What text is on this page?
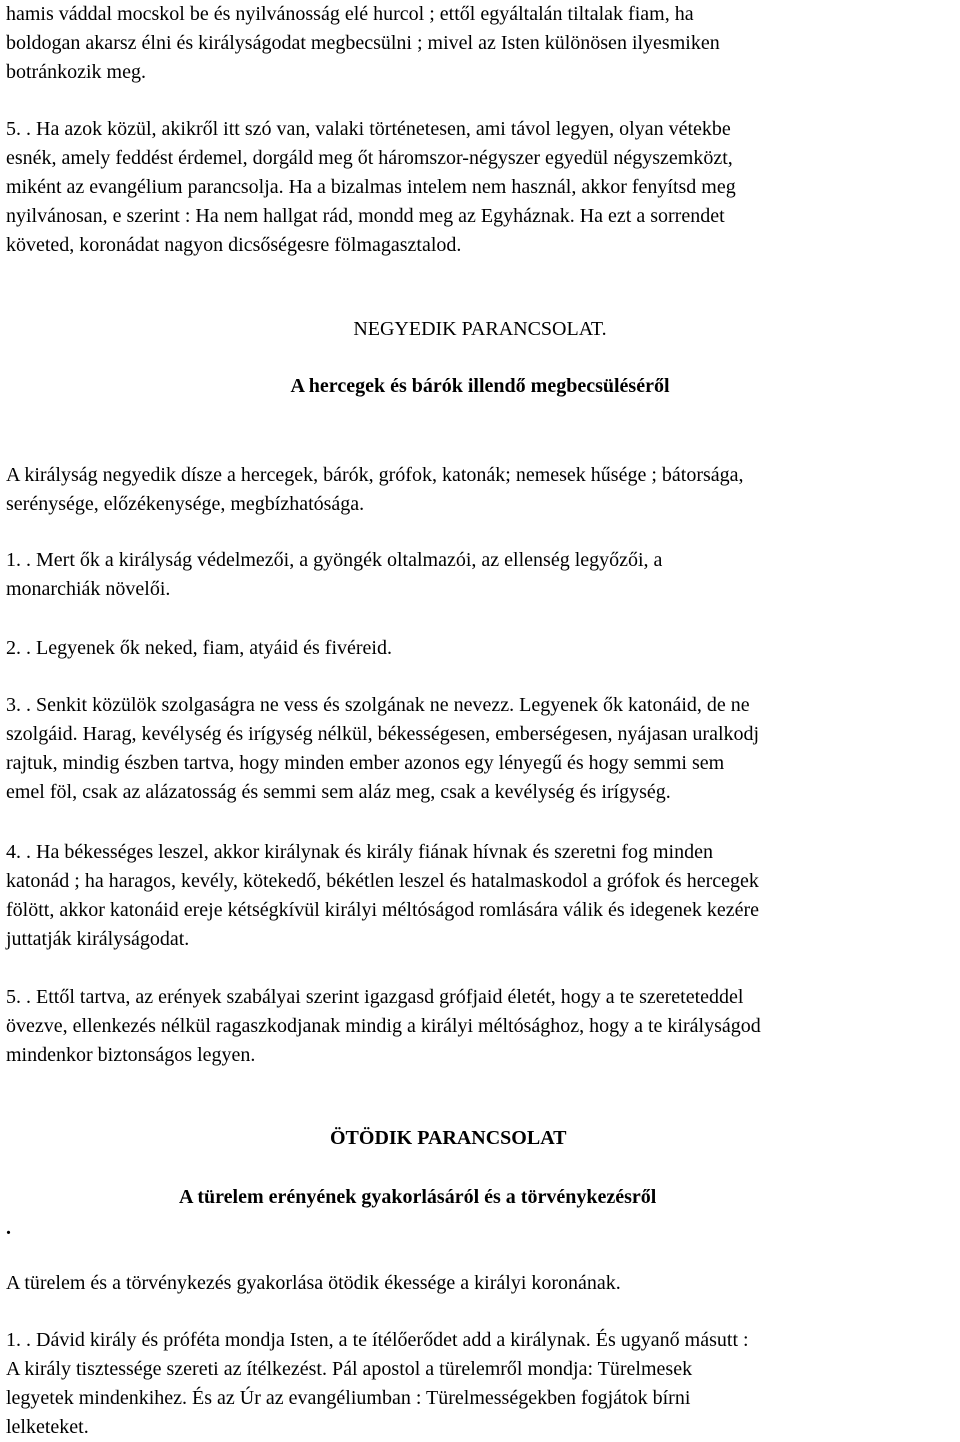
hamis váddal mocskol be és nyilvánosság elé hurcol ; ettől egyáltalán tiltalak fiam, ha
boldogan akarsz élni és királyságodat megbecsülni ; mivel az Isten különösen ilyesmiken
botránkozik meg.
5. . Ha azok közül, akikről itt szó van, valaki történetesen, ami távol legyen, olyan vétekbe
esnék, amely feddést érdemel, dorgáld meg őt háromszor-négyszer egyedül négyszemközt,
miként az evangélium parancsolja. Ha a bizalmas intelem nem használ, akkor fenyítsd meg
nyilvánosan, e szerint : Ha nem hallgat rád, mondd meg az Egyháznak. Ha ezt a sorrendet
követed, koronádat nagyon dicsőségesre fölmagasztalod.
NEGYEDIK PARANCSOLAT.
A hercegek és bárók illendő megbecsüléséről
A királyság negyedik dísze a hercegek, bárók, grófok, katonák; nemesek hűsége ; bátorsága,
serénysége, előzékenysége, megbízhatósága.
1. . Mert ők a királyság védelmezői, a gyöngék oltalmazói, az ellenség legyőzői, a
monarchiák növelői.
2. . Legyenek ők neked, fiam, atyáid és fivéreid.
3. . Senkit közülök szolgaságra ne vess és szolgának ne nevezz. Legyenek ők katonáid, de ne
szolgáid. Harag, kevélység és irígység nélkül, békességesen, emberségesen, nyájasan uralkodj
rajtuk, mindig észben tartva, hogy minden ember azonos egy lényegű és hogy semmi sem
emel föl, csak az alázatosság és semmi sem aláz meg, csak a kevélység és irígység.
4. . Ha békességes leszel, akkor királynak és király fiának hívnak és szeretni fog minden
katonád ; ha haragos, kevély, kötekedő, békétlen leszel és hatalmaskodol a grófok és hercegek
fölött, akkor katonáid ereje kétségkívül királyi méltóságod romlására válik és idegenek kezére
juttatják királyságodat.
5. . Ettől tartva, az erények szabályai szerint igazgasd grófjaid életét, hogy a te szereteteddel
övezve, ellenkezés nélkül ragaszkodjanak mindig a királyi méltósághoz, hogy a te királyságod
mindenkor biztonságos legyen.
ÖTÖDIK PARANCSOLAT
A türelem erényének gyakorlásáról és a törvénykezésről
.
A türelem és a törvénykezés gyakorlása ötödik ékessége a királyi koronának.
1. . Dávid király és próféta mondja Isten, a te ítélőerődet add a királynak. És ugyanő másutt :
A király tisztessége szereti az ítélkezést. Pál apostol a türelemről mondja: Türelmesek
legyetek mindenkihez. És az Úr az evangéliumban : Türelmességekben fogjátok bírni
lelketeket.
